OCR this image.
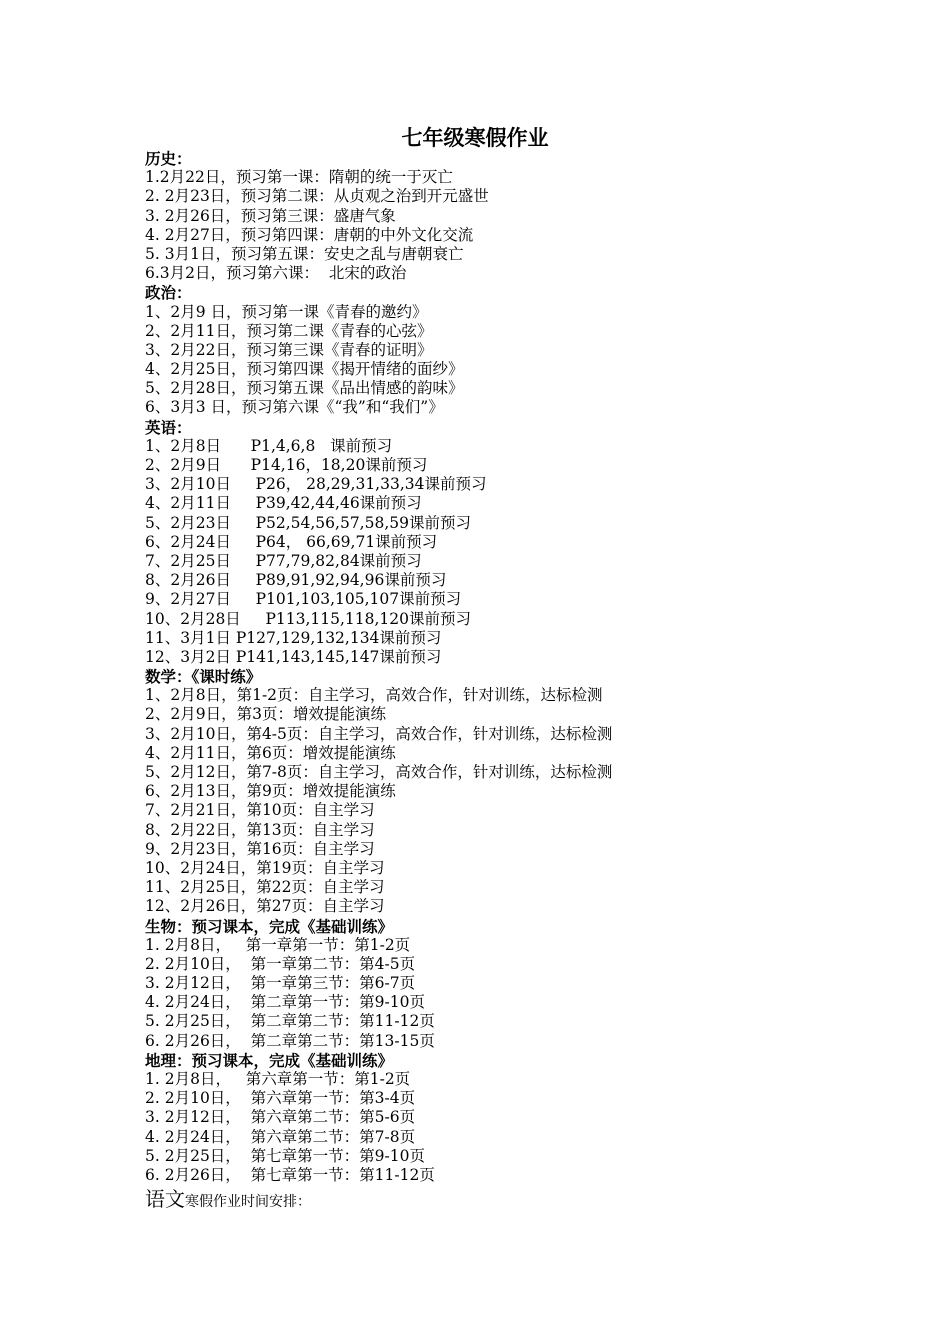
七年级寒假作业
历史：
1.2月22日，预习第一课：隋朝的统一于灭亡
2. 2月23日，预习第二课：从贞观之治到开元盛世
3. 2月26日，预习第三课：盛唐气象
4. 2月27日，预习第四课：唐朝的中外文化交流
5. 3月1日，预习第五课：安史之乱与唐朝衰亡
6.3月2日，预习第六课：  北宋的政治
政治：
1、2月9 日，预习第一课《青春的邀约》
2、2月11日，预习第二课《青春的心弦》
3、2月22日，预习第三课《青春的证明》
4、2月25日，预习第四课《揭开情绪的面纱》
5、2月28日，预习第五课《品出情感的韵味》
6、3月3 日，预习第六课《“我”和“我们”》
英语：
1、2月8日      P1,4,6,8   课前预习
2、2月9日      P14,16，18,20课前预习
3、2月10日     P26， 28,29,31,33,34课前预习
4、2月11日     P39,42,44,46课前预习
5、2月23日     P52,54,56,57,58,59课前预习
6、2月24日     P64， 66,69,71课前预习
7、2月25日     P77,79,82,84课前预习
8、2月26日     P89,91,92,94,96课前预习
9、2月27日     P101,103,105,107课前预习
10、2月28日     P113,115,118,120课前预习
11、3月1日 P127,129,132,134课前预习
12、3月2日 P141,143,145,147课前预习
数学：《课时练》
1、2月8日，第1-2页：自主学习，高效合作，针对训练，达标检测
2、2月9日，第3页：增效提能演练
3、2月10日，第4-5页：自主学习，高效合作，针对训练，达标检测
4、2月11日，第6页：增效提能演练
5、2月12日，第7-8页：自主学习，高效合作，针对训练，达标检测
6、2月13日，第9页：增效提能演练
7、2月21日，第10页：自主学习
8、2月22日，第13页：自主学习
9、2月23日，第16页：自主学习
10、2月24日，第19页：自主学习
11、2月25日，第22页：自主学习
12、2月26日，第27页：自主学习
生物：预习课本，完成《基础训练》
1. 2月8日，   第一章第一节：第1-2页
2. 2月10日，  第一章第二节：第4-5页
3. 2月12日，  第一章第三节：第6-7页
4. 2月24日，  第二章第一节：第9-10页
5. 2月25日，  第二章第二节：第11-12页
6. 2月26日，  第二章第二节：第13-15页
地理：预习课本，完成《基础训练》
1. 2月8日，   第六章第一节：第1-2页
2. 2月10日，  第六章第一节：第3-4页
3. 2月12日，  第六章第二节：第5-6页
4. 2月24日，  第六章第二节：第7-8页
5. 2月25日，  第七章第一节：第9-10页
6. 2月26日，  第七章第一节：第11-12页
语文寒假作业时间安排：
